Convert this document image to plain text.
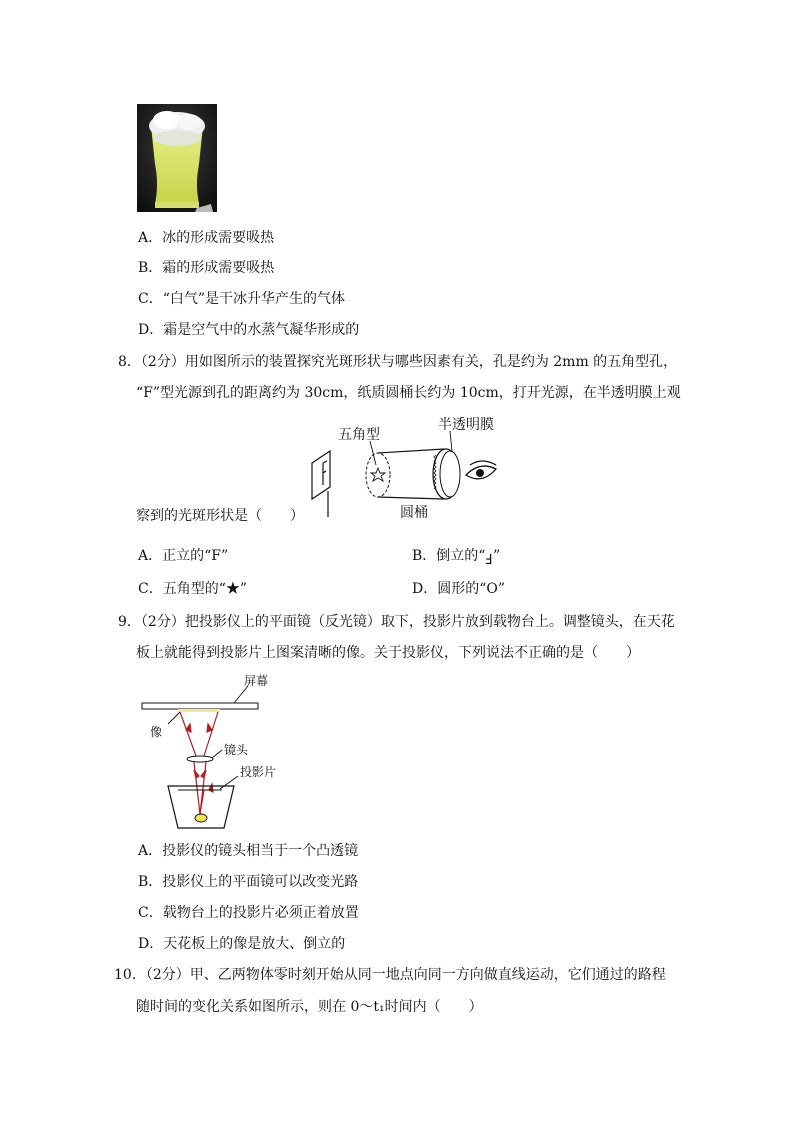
A．冰的形成需要吸热
B．霜的形成需要吸热
C．“白气”是干冰升华产生的气体
D．霜是空气中的水蒸气凝华形成的
8．（2分）用如图所示的装置探究光斑形状与哪些因素有关，孔是约为 2mm 的五角型孔，
“F”型光源到孔的距离约为 30cm，纸质圆桶长约为 10cm，打开光源，在半透明膜上观
五角型
半透明膜
圆桶
察到的光斑形状是（　　）
A．正立的“F”	B．倒立的“F”
C．五角型的“★”	D．圆形的“O”
9．（2分）把投影仪上的平面镜（反光镜）取下，投影片放到载物台上。调整镜头，在天花
板上就能得到投影片上图案清晰的像。关于投影仪，下列说法不正确的是（　　）
屏幕
像
镜头
投影片
A．投影仪的镜头相当于一个凸透镜
B．投影仪上的平面镜可以改变光路
C．载物台上的投影片必须正着放置
D．天花板上的像是放大、倒立的
10．（2分）甲、乙两物体零时刻开始从同一地点向同一方向做直线运动，它们通过的路程
随时间的变化关系如图所示，则在 0～t₁时间内（　　）
